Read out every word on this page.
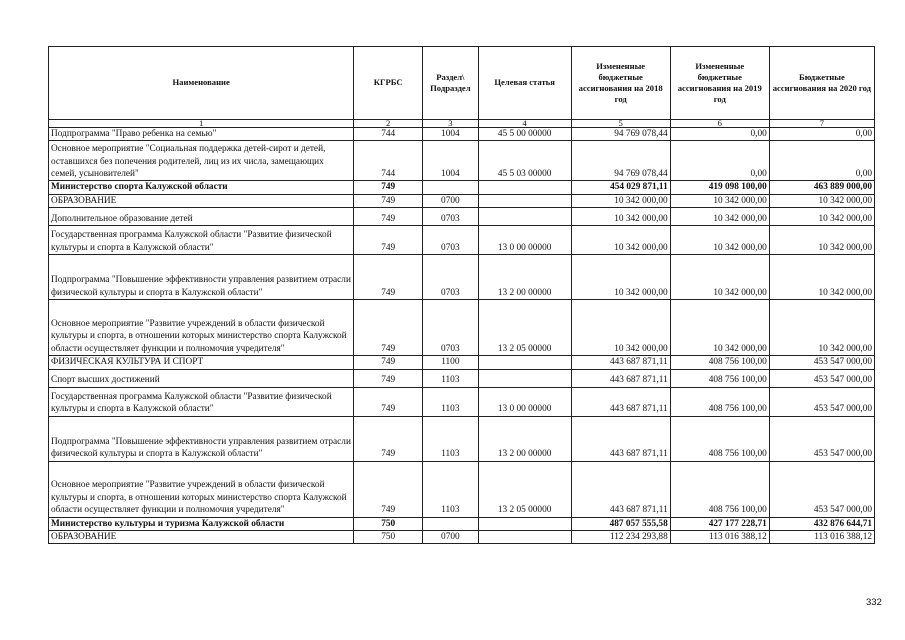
Наименование	КГРБС	Раздел\ Подраздел	Целевая статья	Измененные бюджетные ассигнования на 2018 год	Измененные бюджетные ассигнования на 2019 год	Бюджетные ассигнования на 2020 год
1	2	3	4	5	6	7
Подпрограмма "Право ребенка на семью"	744	1004	45 5 00 00000	94 769 078,44	0,00	0,00
Основное мероприятие "Социальная поддержка детей-сирот и детей, оставшихся без попечения родителей, лиц из их числа, замещающих семей, усыновителей"	744	1004	45 5 03 00000	94 769 078,44	0,00	0,00
Министерство спорта Калужской области	749			454 029 871,11	419 098 100,00	463 889 000,00
ОБРАЗОВАНИЕ	749	0700		10 342 000,00	10 342 000,00	10 342 000,00
Дополнительное образование детей	749	0703		10 342 000,00	10 342 000,00	10 342 000,00
Государственная программа Калужской области "Развитие физической культуры и спорта в Калужской области"	749	0703	13 0 00 00000	10 342 000,00	10 342 000,00	10 342 000,00
Подпрограмма "Повышение эффективности управления развитием отрасли физической культуры и спорта в Калужской области"	749	0703	13 2 00 00000	10 342 000,00	10 342 000,00	10 342 000,00
Основное мероприятие "Развитие учреждений в области физической культуры и спорта, в отношении которых министерство спорта Калужской области осуществляет функции и полномочия учредителя"	749	0703	13 2 05 00000	10 342 000,00	10 342 000,00	10 342 000,00
ФИЗИЧЕСКАЯ КУЛЬТУРА И СПОРТ	749	1100		443 687 871,11	408 756 100,00	453 547 000,00
Спорт высших достижений	749	1103		443 687 871,11	408 756 100,00	453 547 000,00
Государственная программа Калужской области "Развитие физической культуры и спорта в Калужской области"	749	1103	13 0 00 00000	443 687 871,11	408 756 100,00	453 547 000,00
Подпрограмма "Повышение эффективности управления развитием отрасли физической культуры и спорта в Калужской области"	749	1103	13 2 00 00000	443 687 871,11	408 756 100,00	453 547 000,00
Основное мероприятие "Развитие учреждений в области физической культуры и спорта, в отношении которых министерство спорта Калужской области осуществляет функции и полномочия учредителя"	749	1103	13 2 05 00000	443 687 871,11	408 756 100,00	453 547 000,00
Министерство культуры и туризма Калужской области	750			487 057 555,58	427 177 228,71	432 876 644,71
ОБРАЗОВАНИЕ	750	0700		112 234 293,88	113 016 388,12	113 016 388,12
332
